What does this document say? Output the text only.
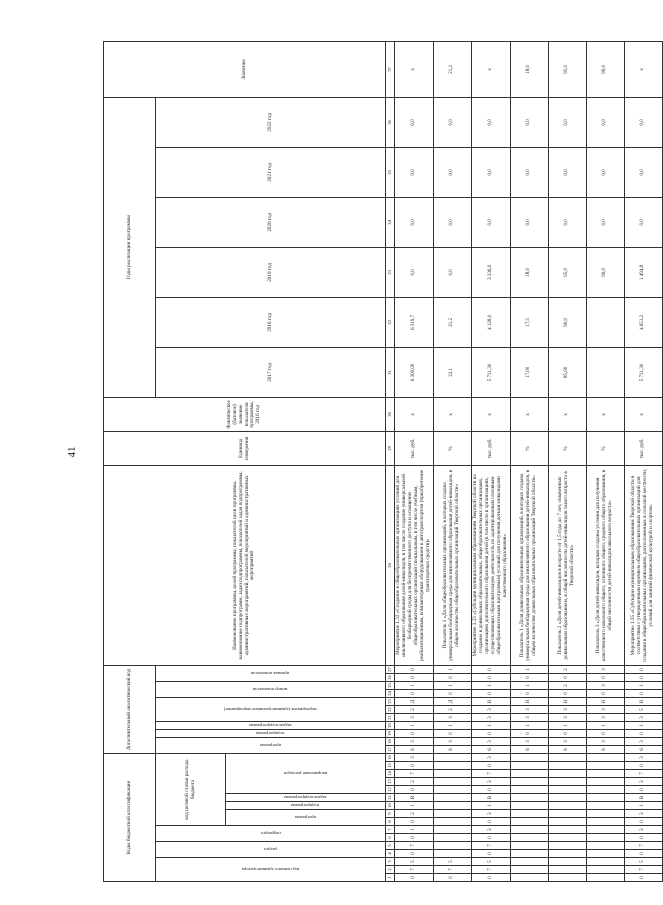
41
Коды бюджетной классификации																Дополнительный аналитический код											Наименование программы, целей программы, показателей цели программы, наименование подпрограмм, задач подпрограммы, показателей задач подпрограммы, административных мероприятий, показателей мероприятий и административных мероприятий	Единица измерения	Фактическое (базовое) значение показателя программы, 2016 год	Годы реализации программы						Значение

код главного администратора			раздел		подраздел		код целевой статьи расхода бюджета									программа		подпрограмма	задача подпрограммы	мероприятие (административное мероприятие)			номер показателя		признак показателя					2017 год	2018 год	2019 год	2020 год	2021 год	2022 год	

							программа		подпрограмма	задача подпрограммы	направление расходов																									

1	2	3	4	5	6	7	8	9	10	11	12	13	14	15	16	17	18	19	20	21	22	23	24	25	26	27	28	29	30	31	32	33	34	35	36	37
0	7	5	0	7	0	1	0	2	1	R	0	2	7	0	3	6	3	0	1	3	2	Д	0	1	0	0	Мероприятие 1.32 «Создание в общеобразовательных организациях условий для инклюзивного образования детей-инвалидов, в том числе создание универсальной безбарьерной среды для беспрепятственного доступа и оснащение общеобразовательных организаций специальным, в том числе учебным, реабилитационным, компьютерным оборудованием и автотранспортом (приобретение транспортных средств)»	тыс. руб.	х	6 300,00	6 319,7	0,0	0,0	0,0	0,0	х
0	7	5														6	3	0	1	3	2	Д	0	1	0	1	Показатель 1 «Доля общеобразовательных организаций, в которых создана универсальная безбарьерная среда для инклюзивного образования детей-инвалидов, в общем количестве общеобразовательных организаций Тверской области»	%	х	22,1	21,2	0,0	0,0	0,0	0,0	21,2
0	7	5	0	7	0	2	0	2	1	R	0	2	7	0	3	6	3	0	1	3	3	Н	0	1	0	0	Мероприятие 1.33 «Субсидии муниципальным образованиям Тверской области на создание в дошкольных образовательных, общеобразовательных организациях, организациях дополнительного образования детей (в том числе в организациях, осуществляющих образовательную деятельность по адаптированным основным общеобразовательным программам) условий для получения детьми-инвалидами качественного образования»	тыс. руб.	х	5 711,30	4 128,0	3 336,9	0,0	0,0	0,0	х
																6	3	0	1	3	3	Н	0	1	0	1	Показатель 1 «Доля дошкольных образовательных организаций, в которых создана универсальная безбарьерная среда для инклюзивного образования детей-инвалидов, в общем количестве дошкольных образовательных организаций Тверской области»	%	х	17,00	17,5	18,0	0,0	0,0	0,0	18,0
																6	3	0	1	3	3	Н	0	2	0	2	Показатель 2 «Доля детей-инвалидов в возрасте от 1,5 года до 7 лет, охваченных дошкольным образованием, в общей численности детей-инвалидов такого возраста в Тверской области»	%	х	85,00	90,0	95,0	0,0	0,0	0,0	95,0
																6	3	0	1	3	3	Н	0	3	0	3	Показатель 3 «Доля детей-инвалидов, которым созданы условия для получения качественного начального общего, основного общего, среднего общего образования, в общей численности детей-инвалидов школьного возраста»	%	х			99,0	0,0	0,0	0,0	99,0
0	7	5	0	7	0	2	0	2	1	R	0	2	7	0	3	6	3	0	1	3	5	Н	0	1	0	0	Мероприятие 1.35 «Субсидии муниципальным образованиям Тверской области в соответствии с утвержденным перечнем общеобразовательных организаций для создания в общеобразовательных организациях, расположенных в сельской местности, условий для занятий физической культурой и спортом»	тыс. руб.	х	5 711,30	4 651,2	1 494,8	0,0	0,0	0,0	х
